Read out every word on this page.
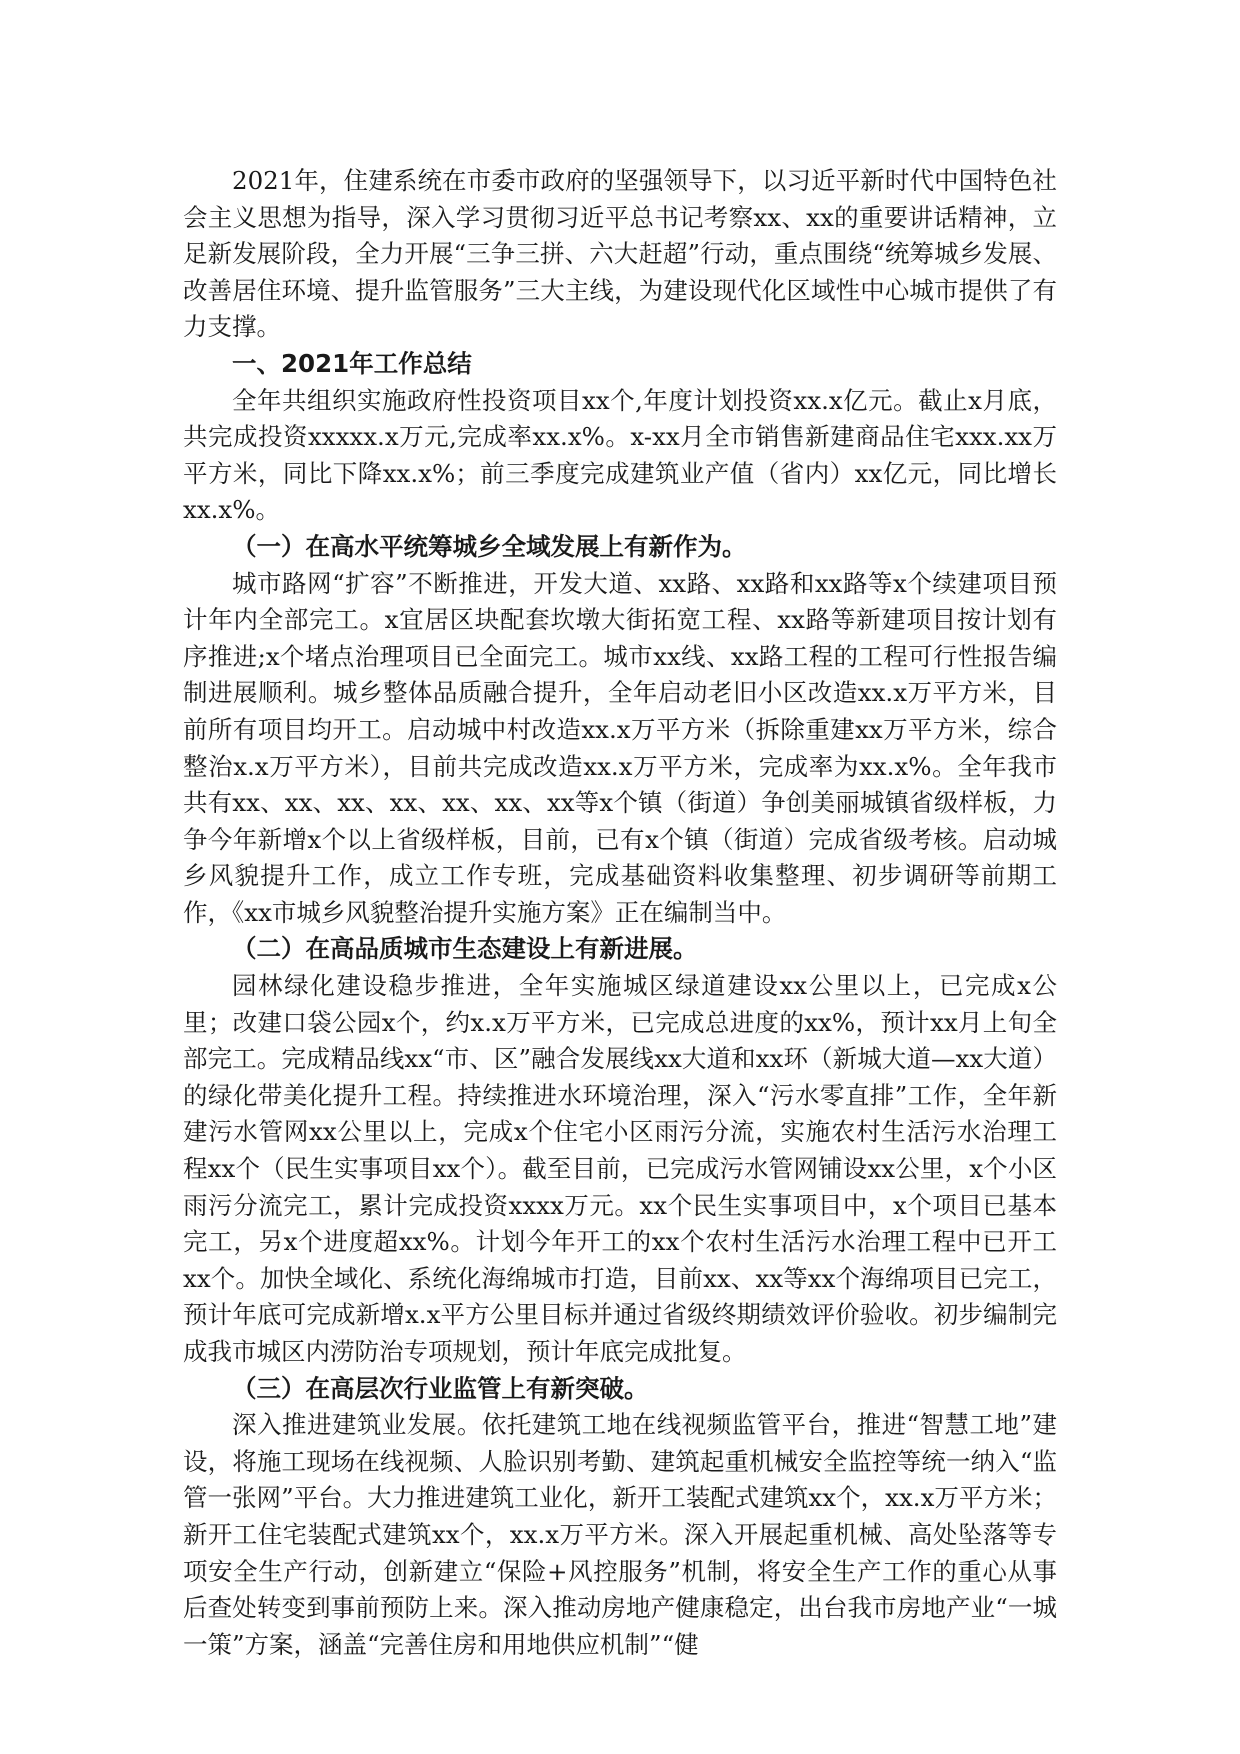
2021年，住建系统在市委市政府的坚强领导下，以习近平新时代中国特色社会主义思想为指导，深入学习贯彻习近平总书记考察xx、xx的重要讲话精神，立足新发展阶段，全力开展“三争三拼、六大赶超”行动，重点围绕“统筹城乡发展、改善居住环境、提升监管服务”三大主线，为建设现代化区域性中心城市提供了有力支撑。

一、2021年工作总结

全年共组织实施政府性投资项目xx个,年度计划投资xx.x亿元。截止x月底，共完成投资xxxxx.x万元,完成率xx.x%。x-xx月全市销售新建商品住宅xxx.xx万平方米，同比下降xx.x%；前三季度完成建筑业产值（省内）xx亿元，同比增长xx.x%。

（一）在高水平统筹城乡全域发展上有新作为。

城市路网“扩容”不断推进，开发大道、xx路、xx路和xx路等x个续建项目预计年内全部完工。x宜居区块配套坎墩大街拓宽工程、xx路等新建项目按计划有序推进;x个堵点治理项目已全面完工。城市xx线、xx路工程的工程可行性报告编制进展顺利。城乡整体品质融合提升，全年启动老旧小区改造xx.x万平方米，目前所有项目均开工。启动城中村改造xx.x万平方米（拆除重建xx万平方米，综合整治x.x万平方米），目前共完成改造xx.x万平方米，完成率为xx.x%。全年我市共有xx、xx、xx、xx、xx、xx、xx等x个镇（街道）争创美丽城镇省级样板，力争今年新增x个以上省级样板，目前，已有x个镇（街道）完成省级考核。启动城乡风貌提升工作，成立工作专班，完成基础资料收集整理、初步调研等前期工作，《xx市城乡风貌整治提升实施方案》正在编制当中。

（二）在高品质城市生态建设上有新进展。

园林绿化建设稳步推进，全年实施城区绿道建设xx公里以上，已完成x公里；改建口袋公园x个，约x.x万平方米，已完成总进度的xx%，预计xx月上旬全部完工。完成精品线xx“市、区”融合发展线xx大道和xx环（新城大道—xx大道）的绿化带美化提升工程。持续推进水环境治理，深入“污水零直排”工作，全年新建污水管网xx公里以上，完成x个住宅小区雨污分流，实施农村生活污水治理工程xx个（民生实事项目xx个）。截至目前，已完成污水管网铺设xx公里，x个小区雨污分流完工，累计完成投资xxxx万元。xx个民生实事项目中，x个项目已基本完工，另x个进度超xx%。计划今年开工的xx个农村生活污水治理工程中已开工xx个。加快全域化、系统化海绵城市打造，目前xx、xx等xx个海绵项目已完工，预计年底可完成新增x.x平方公里目标并通过省级终期绩效评价验收。初步编制完成我市城区内涝防治专项规划，预计年底完成批复。

（三）在高层次行业监管上有新突破。

深入推进建筑业发展。依托建筑工地在线视频监管平台，推进“智慧工地”建设，将施工现场在线视频、人脸识别考勤、建筑起重机械安全监控等统一纳入“监管一张网”平台。大力推进建筑工业化，新开工装配式建筑xx个，xx.x万平方米；新开工住宅装配式建筑xx个，xx.x万平方米。深入开展起重机械、高处坠落等专项安全生产行动，创新建立“保险+风控服务”机制，将安全生产工作的重心从事后查处转变到事前预防上来。深入推动房地产健康稳定，出台我市房地产业“一城一策”方案，涵盖“完善住房和用地供应机制”“健
